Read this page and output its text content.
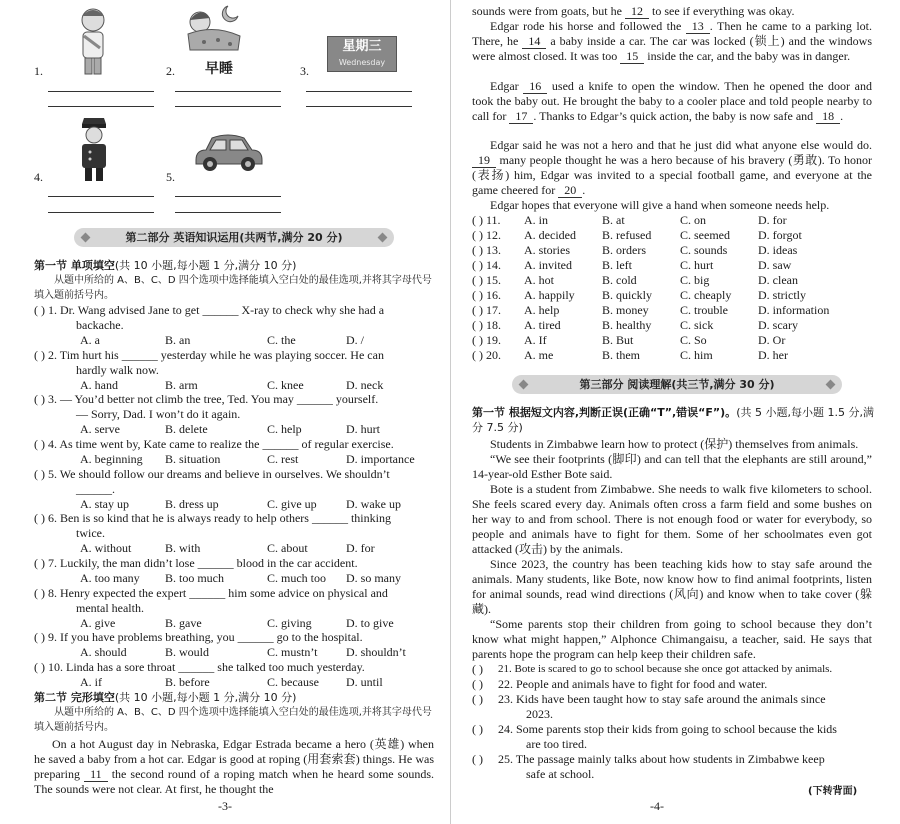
1.	2. 早睡	3.
星期三
Wednesday
4.	5.
第二部分 英语知识运用(共两节,满分 20 分)
第一节 单项填空(共 10 小题,每小题 1 分,满分 10 分)
从题中所给的 A、B、C、D 四个选项中选择能填入空白处的最佳选项,并将其字母代号填入题前括号内。
( ) 1. Dr. Wang advised Jane to get ______ X-ray to check why she had a
backache.
A. a	B. an	C. the	D. /
( ) 2. Tim hurt his ______ yesterday while he was playing soccer. He can
hardly walk now.
A. hand	B. arm	C. knee	D. neck
( ) 3. — You’d better not climb the tree, Ted. You may ______ yourself.
— Sorry, Dad. I won’t do it again.
A. serve	B. delete	C. help	D. hurt
( ) 4. As time went by, Kate came to realize the ______ of regular exercise.
A. beginning B. situation	C. rest	D. importance
( ) 5. We should follow our dreams and believe in ourselves. We shouldn’t
______.
A. stay up	B. dress up	C. give up D. wake up
( ) 6. Ben is so kind that he is always ready to help others ______ thinking
twice.
A. without	B. with	C. about	D. for
( ) 7. Luckily, the man didn’t lose ______ blood in the car accident.
A. too many B. too much	C. much too D. so many
( ) 8. Henry expected the expert ______ him some advice on physical and
mental health.
A. give	B. gave	C. giving	D. to give
( ) 9. If you have problems breathing, you ______ go to the hospital.
A. should	B. would	C. mustn’t D. shouldn’t
( ) 10. Linda has a sore throat ______ she talked too much yesterday.
A. if	B. before	C. because D. until
第二节 完形填空(共 10 小题,每小题 1 分,满分 10 分)
从题中所给的 A、B、C、D 四个选项中选择能填入空白处的最佳选项,并将其字母代号填入题前括号内。
On a hot August day in Nebraska, Edgar Estrada became a hero (英雄) when he saved a baby from a hot car. Edgar is good at roping (用套索套) things. He was preparing 11 the second round of a roping match when he heard some sounds. The sounds were not clear. At first, he thought the
-3-
sounds were from goats, but he 12 to see if everything was okay.
Edgar rode his horse and followed the 13 . Then he came to a parking lot. There, he 14 a baby inside a car. The car was locked (锁上) and the windows were almost closed. It was too 15 inside the car, and the baby was in danger.
Edgar 16 used a knife to open the window. Then he opened the door and took the baby out. He brought the baby to a cooler place and told people nearby to call for 17 . Thanks to Edgar’s quick action, the baby is now safe and 18 .
Edgar said he was not a hero and that he just did what anyone else would do. 19 many people thought he was a hero because of his bravery (勇敢). To honor (表扬) him, Edgar was invited to a special football game, and everyone at the game cheered for 20 .
Edgar hopes that everyone will give a hand when someone needs help.
( ) 11. A. in	B. at	C. on	D. for
( ) 12. A. decided B. refused C. seemed D. forgot
( ) 13. A. stories	B. orders	C. sounds	D. ideas
( ) 14. A. invited	B. left	C. hurt	D. saw
( ) 15. A. hot	B. cold	C. big	D. clean
( ) 16. A. happily B. quickly C. cheaply D. strictly
( ) 17. A. help	B. money	C. trouble	D. information
( ) 18. A. tired	B. healthy C. sick	D. scary
( ) 19. A. If	B. But	C. So	D. Or
( ) 20. A. me	B. them	C. him	D. her
第三部分 阅读理解(共三节,满分 30 分)
第一节 根据短文内容,判断正误(正确“T”,错误“F”)。(共 5 小题,每小题 1.5 分,满分 7.5 分)
Students in Zimbabwe learn how to protect (保护) themselves from animals.
“We see their footprints (脚印) and can tell that the elephants are still around,” 14-year-old Esther Bote said.
Bote is a student from Zimbabwe. She needs to walk five kilometers to school. She feels scared every day. Animals often cross a farm field and some bushes on her way to and from school. There is not enough food or water for everybody, so people and animals have to fight for them. Some of her schoolmates even got attacked (攻击) by the animals.
Since 2023, the country has been teaching kids how to stay safe around the animals. Many students, like Bote, now know how to find animal footprints, listen for animal sounds, read wind directions (风向) and know when to take cover (躲藏).
“Some parents stop their children from going to school because they don’t know what might happen,” Alphonce Chimangaisu, a teacher, said. He says that parents hope the program can help keep their children safe.
( )	21. Bote is scared to go to school because she once got attacked by animals.
( )	22. People and animals have to fight for food and water.
( )	23. Kids have been taught how to stay safe around the animals since
2023.
( )	24. Some parents stop their kids from going to school because the kids
are too tired.
( )	25. The passage mainly talks about how students in Zimbabwe keep
safe at school.
(下转背面)
-4-
